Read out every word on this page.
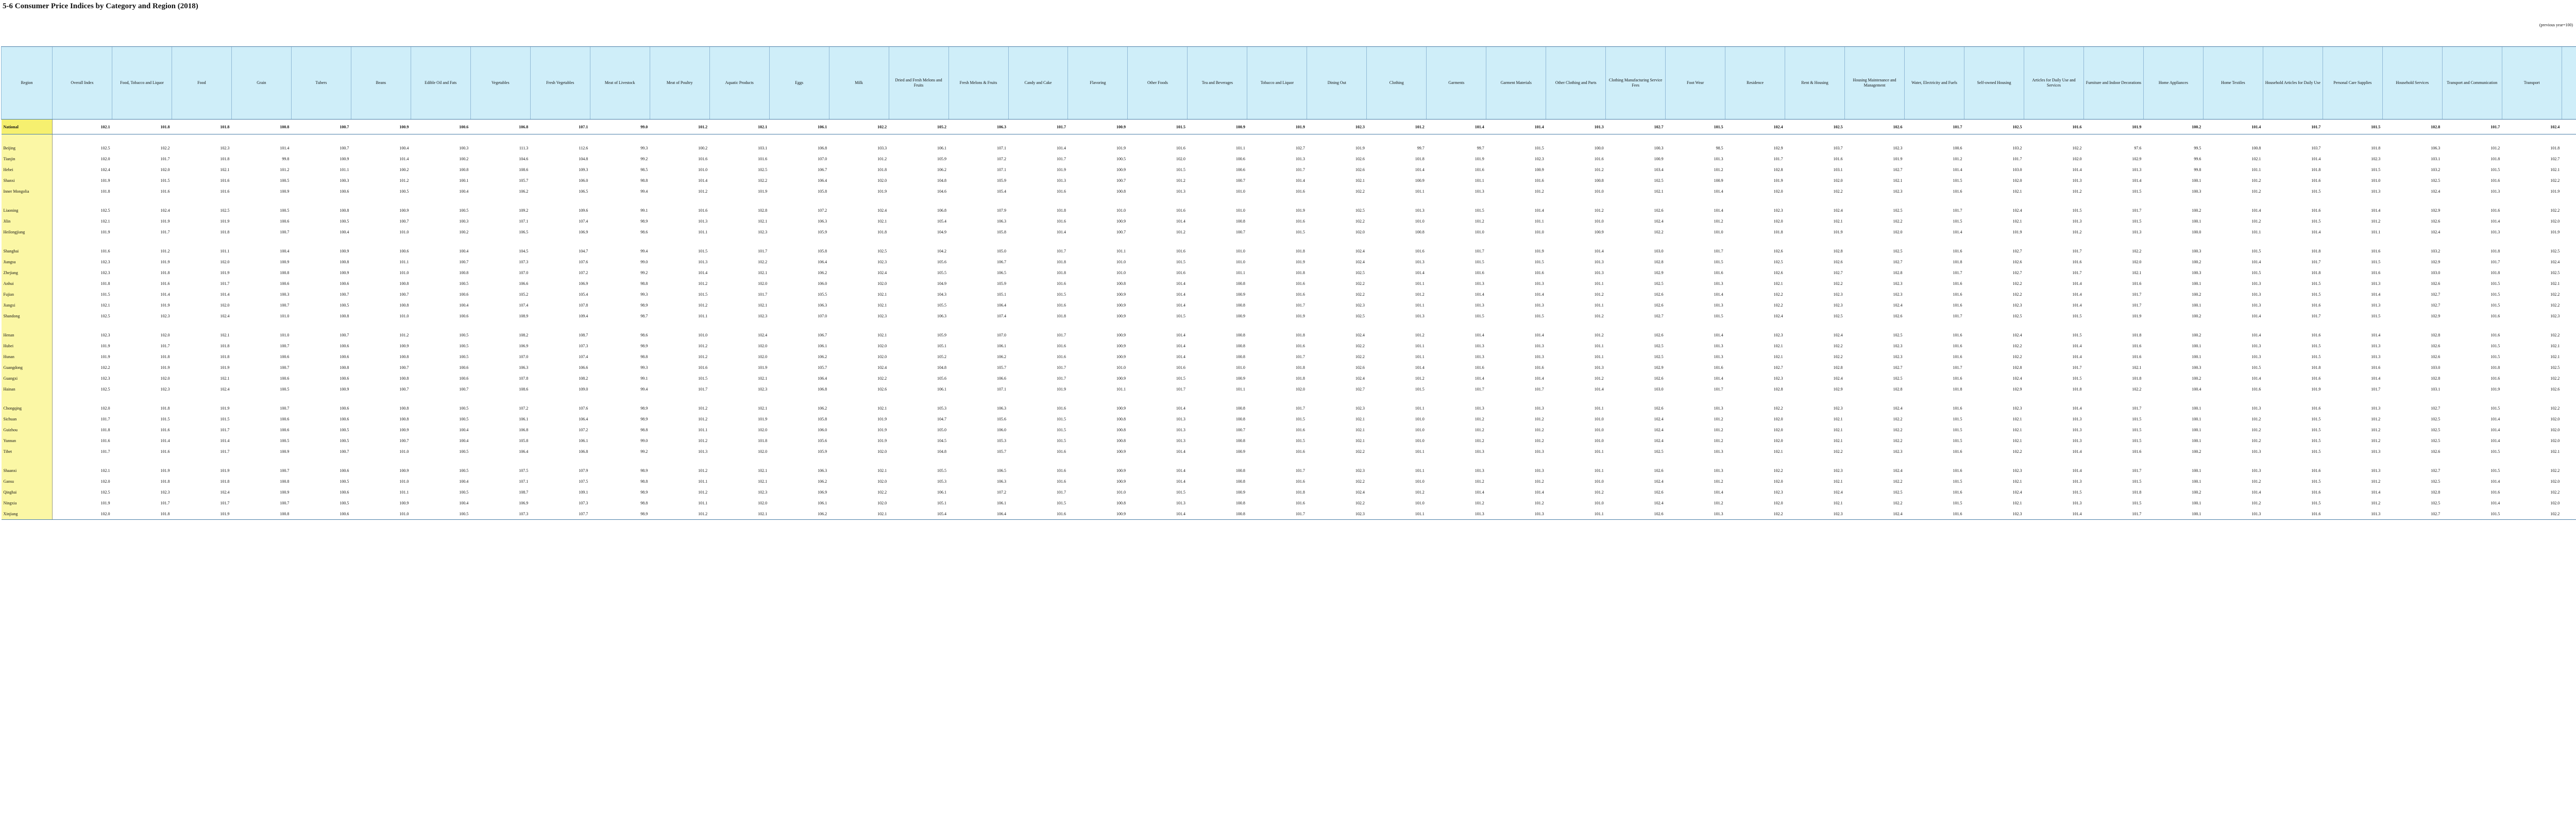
5-6 Consumer Price Indices by Category and Region (2018)
(previous year=100)
Region	Overall Index	Food, Tobacco and Liquor	Food	Grain	Tubers	Beans	Edible Oil and Fats	Vegetables	Fresh Vegetables	Meat of Livestock	Meat of Poultry	Aquatic Products	Eggs	Milk	Dried and Fresh Melons and Fruits	Fresh Melons & Fruits	Candy and Cake	Flavoring	Other Foods	Tea and Beverages	Tobacco and Liquor	Dining Out	Clothing	Garments	Garment Materials	Other Clothing and Parts	Clothing Manufacturing Service Fees	Foot Wear	Residence	Rent & Housing	Housing Maintenance and Management	Water, Electricity and Fuels	Self-owned Housing	Articles for Daily Use and Services	Furniture and Indoor Decorations	Home Appliances	Home Textiles	Household Articles for Daily Use	Personal Care Supplies	Household Services	Transport and Communication	Transport																				
National	102.1	101.8	101.8	100.8	100.7	100.9	100.6	106.8	107.1	99.0	101.2	102.1	106.1	102.2	105.2	106.3	101.7	100.9	101.5	100.9	101.9	102.3	101.2	101.4	101.4	101.3	102.7	101.5	102.4	102.5	102.6	101.7	102.5	101.6	101.9	100.2	101.4	101.7	101.5	102.8	101.7	102.4																				

Beijing	102.5	102.2	102.3	101.4	100.7	100.4	100.3	111.3	112.6	99.3	100.2	103.1	106.8	103.3	106.1	107.1	101.4	101.9	101.6	101.1	102.7	101.9	99.7	99.7	101.5	100.0	100.3	98.5	102.9	103.7	102.3	100.6	103.2	102.2	97.6	99.5	100.8	103.7	101.8	106.3	101.2	101.8																				
Tianjin	102.0	101.7	101.8	99.8	100.9	101.4	100.2	104.6	104.8	99.2	101.6	101.6	107.0	101.2	105.9	107.2	101.7	100.5	102.0	100.6	101.3	102.6	101.8	101.9	102.3	101.6	100.9	101.3	101.7	101.6	101.9	101.2	101.7	102.0	102.9	99.6	102.1	101.4	102.3	103.1	101.8	102.7																				
Hebei	102.4	102.0	102.1	101.2	101.1	100.2	100.8	108.6	109.3	98.5	101.0	102.5	106.7	101.8	106.2	107.1	101.9	100.9	101.5	100.6	101.7	102.6	101.4	101.6	100.9	101.2	103.4	101.2	102.8	103.1	102.7	101.4	103.0	101.4	101.3	99.8	101.1	101.8	101.5	103.2	101.5	102.1																				
Shanxi	101.9	101.5	101.6	100.5	100.3	101.2	100.1	105.7	106.0	98.8	101.4	102.2	106.4	102.0	104.8	105.9	101.3	100.7	101.2	100.7	101.4	102.1	100.9	101.1	101.6	100.8	102.5	100.9	101.9	102.0	102.1	101.5	102.0	101.3	101.4	100.1	101.2	101.6	101.0	102.5	101.6	102.2																				
Inner Mongolia	101.8	101.6	101.6	100.9	100.6	100.5	100.4	106.2	106.5	99.4	101.2	101.9	105.8	101.9	104.6	105.4	101.6	100.8	101.3	101.0	101.6	102.2	101.1	101.3	101.2	101.0	102.1	101.4	102.0	102.2	102.3	101.6	102.1	101.2	101.5	100.3	101.2	101.5	101.3	102.4	101.3	101.9																				

Liaoning	102.5	102.4	102.5	100.5	100.8	100.9	100.5	109.2	109.6	99.1	101.6	102.8	107.2	102.4	106.8	107.9	101.8	101.0	101.6	101.0	101.9	102.5	101.3	101.5	101.4	101.2	102.6	101.4	102.3	102.4	102.5	101.7	102.4	101.5	101.7	100.2	101.4	101.6	101.4	102.9	101.6	102.2																				
Jilin	102.1	101.9	101.9	100.6	100.5	100.7	100.3	107.1	107.4	98.9	101.3	102.1	106.3	102.1	105.4	106.3	101.6	100.9	101.4	100.8	101.6	102.2	101.0	101.2	101.1	101.0	102.4	101.2	102.0	102.1	102.2	101.5	102.1	101.3	101.5	100.1	101.2	101.5	101.2	102.6	101.4	102.0																				
Heilongjiang	101.9	101.7	101.8	100.7	100.4	101.0	100.2	106.5	106.9	98.6	101.1	102.3	105.9	101.8	104.9	105.8	101.4	100.7	101.2	100.7	101.5	102.0	100.8	101.0	101.0	100.9	102.2	101.0	101.8	101.9	102.0	101.4	101.9	101.2	101.3	100.0	101.1	101.4	101.1	102.4	101.3	101.9																				

Shanghai	101.6	101.2	101.1	100.4	100.9	100.6	100.4	104.5	104.7	99.4	101.5	101.7	105.8	102.5	104.2	105.0	101.7	101.1	101.6	101.0	101.8	102.4	101.6	101.7	101.9	101.4	103.0	101.7	102.6	102.8	102.5	101.6	102.7	101.7	102.2	100.3	101.5	101.8	101.6	103.2	101.8	102.5																				
Jiangsu	102.3	101.9	102.0	100.9	100.8	101.1	100.7	107.3	107.6	99.0	101.3	102.2	106.4	102.3	105.6	106.7	101.8	101.0	101.5	101.0	101.9	102.4	101.3	101.5	101.5	101.3	102.8	101.5	102.5	102.6	102.7	101.8	102.6	101.6	102.0	100.2	101.4	101.7	101.5	102.9	101.7	102.4																				
Zhejiang	102.3	101.8	101.9	100.8	100.9	101.0	100.8	107.0	107.2	99.2	101.4	102.1	106.2	102.4	105.5	106.5	101.8	101.0	101.6	101.1	101.8	102.5	101.4	101.6	101.6	101.3	102.9	101.6	102.6	102.7	102.8	101.7	102.7	101.7	102.1	100.3	101.5	101.8	101.6	103.0	101.8	102.5																				
Anhui	101.8	101.6	101.7	100.6	100.6	100.8	100.5	106.6	106.9	98.8	101.2	102.0	106.0	102.0	104.9	105.9	101.6	100.8	101.4	100.8	101.6	102.2	101.1	101.3	101.3	101.1	102.5	101.3	102.1	102.2	102.3	101.6	102.2	101.4	101.6	100.1	101.3	101.5	101.3	102.6	101.5	102.1																				
Fujian	101.5	101.4	101.4	100.3	100.7	100.7	100.6	105.2	105.4	99.3	101.5	101.7	105.5	102.1	104.3	105.1	101.5	100.9	101.4	100.9	101.6	102.2	101.2	101.4	101.4	101.2	102.6	101.4	102.2	102.3	102.3	101.6	102.2	101.4	101.7	100.2	101.3	101.5	101.4	102.7	101.5	102.2																				
Jiangxi	102.1	101.9	102.0	100.7	100.5	100.8	100.4	107.4	107.8	98.9	101.2	102.1	106.3	102.1	105.5	106.4	101.6	100.9	101.4	100.8	101.7	102.3	101.1	101.3	101.3	101.1	102.6	101.3	102.2	102.3	102.4	101.6	102.3	101.4	101.7	100.1	101.3	101.6	101.3	102.7	101.5	102.2																				
Shandong	102.5	102.3	102.4	101.0	100.8	101.0	100.6	108.9	109.4	98.7	101.1	102.3	107.0	102.3	106.3	107.4	101.8	100.9	101.5	100.9	101.9	102.5	101.3	101.5	101.5	101.2	102.7	101.5	102.4	102.5	102.6	101.7	102.5	101.5	101.9	100.2	101.4	101.7	101.5	102.9	101.6	102.3																				

Henan	102.3	102.0	102.1	101.0	100.7	101.2	100.5	108.2	108.7	98.6	101.0	102.4	106.7	102.1	105.9	107.0	101.7	100.9	101.4	100.8	101.8	102.4	101.2	101.4	101.4	101.2	102.6	101.4	102.3	102.4	102.5	101.6	102.4	101.5	101.8	100.2	101.4	101.6	101.4	102.8	101.6	102.2																				
Hubei	101.9	101.7	101.8	100.7	100.6	100.9	100.5	106.9	107.3	98.9	101.2	102.0	106.1	102.0	105.1	106.1	101.6	100.9	101.4	100.8	101.6	102.2	101.1	101.3	101.3	101.1	102.5	101.3	102.1	102.2	102.3	101.6	102.2	101.4	101.6	100.1	101.3	101.5	101.3	102.6	101.5	102.1																				
Hunan	101.9	101.8	101.8	100.6	100.6	100.8	100.5	107.0	107.4	98.8	101.2	102.0	106.2	102.0	105.2	106.2	101.6	100.9	101.4	100.8	101.7	102.2	101.1	101.3	101.3	101.1	102.5	101.3	102.1	102.2	102.3	101.6	102.2	101.4	101.6	100.1	101.3	101.5	101.3	102.6	101.5	102.1																				
Guangdong	102.2	101.9	101.9	100.7	100.8	100.7	100.6	106.3	106.6	99.3	101.6	101.9	105.7	102.4	104.8	105.7	101.7	101.0	101.6	101.0	101.8	102.6	101.4	101.6	101.6	101.3	102.9	101.6	102.7	102.8	102.7	101.7	102.8	101.7	102.1	100.3	101.5	101.8	101.6	103.0	101.8	102.5																				
Guangxi	102.3	102.0	102.1	100.6	100.6	100.8	100.6	107.8	108.2	99.1	101.5	102.1	106.4	102.2	105.6	106.6	101.7	100.9	101.5	100.9	101.8	102.4	101.2	101.4	101.4	101.2	102.6	101.4	102.3	102.4	102.5	101.6	102.4	101.5	101.8	100.2	101.4	101.6	101.4	102.8	101.6	102.2																				
Hainan	102.5	102.3	102.4	100.5	100.9	100.7	100.7	108.6	109.0	99.4	101.7	102.3	106.8	102.6	106.1	107.1	101.9	101.1	101.7	101.1	102.0	102.7	101.5	101.7	101.7	101.4	103.0	101.7	102.8	102.9	102.8	101.8	102.9	101.8	102.2	100.4	101.6	101.9	101.7	103.1	101.9	102.6																				

Chongqing	102.0	101.8	101.9	100.7	100.6	100.8	100.5	107.2	107.6	98.9	101.2	102.1	106.2	102.1	105.3	106.3	101.6	100.9	101.4	100.8	101.7	102.3	101.1	101.3	101.3	101.1	102.6	101.3	102.2	102.3	102.4	101.6	102.3	101.4	101.7	100.1	101.3	101.6	101.3	102.7	101.5	102.2																				
Sichuan	101.7	101.5	101.5	100.6	100.6	100.8	100.5	106.1	106.4	98.9	101.2	101.9	105.8	101.9	104.7	105.6	101.5	100.8	101.3	100.8	101.5	102.1	101.0	101.2	101.2	101.0	102.4	101.2	102.0	102.1	102.2	101.5	102.1	101.3	101.5	100.1	101.2	101.5	101.2	102.5	101.4	102.0																				
Guizhou	101.8	101.6	101.7	100.6	100.5	100.9	100.4	106.8	107.2	98.8	101.1	102.0	106.0	101.9	105.0	106.0	101.5	100.8	101.3	100.7	101.6	102.1	101.0	101.2	101.2	101.0	102.4	101.2	102.0	102.1	102.2	101.5	102.1	101.3	101.5	100.1	101.2	101.5	101.2	102.5	101.4	102.0																				
Yunnan	101.6	101.4	101.4	100.5	100.5	100.7	100.4	105.8	106.1	99.0	101.2	101.8	105.6	101.9	104.5	105.3	101.5	100.8	101.3	100.8	101.5	102.1	101.0	101.2	101.2	101.0	102.4	101.2	102.0	102.1	102.2	101.5	102.1	101.3	101.5	100.1	101.2	101.5	101.2	102.5	101.4	102.0																				
Tibet	101.7	101.6	101.7	100.9	100.7	101.0	100.5	106.4	106.8	99.2	101.3	102.0	105.9	102.0	104.8	105.7	101.6	100.9	101.4	100.9	101.6	102.2	101.1	101.3	101.3	101.1	102.5	101.3	102.1	102.2	102.3	101.6	102.2	101.4	101.6	100.2	101.3	101.5	101.3	102.6	101.5	102.1																				

Shaanxi	102.1	101.9	101.9	100.7	100.6	100.9	100.5	107.5	107.9	98.9	101.2	102.1	106.3	102.1	105.5	106.5	101.6	100.9	101.4	100.8	101.7	102.3	101.1	101.3	101.3	101.1	102.6	101.3	102.2	102.3	102.4	101.6	102.3	101.4	101.7	100.1	101.3	101.6	101.3	102.7	101.5	102.2																				
Gansu	102.0	101.8	101.8	100.8	100.5	101.0	100.4	107.1	107.5	98.8	101.1	102.1	106.2	102.0	105.3	106.3	101.6	100.9	101.4	100.8	101.6	102.2	101.0	101.2	101.2	101.0	102.4	101.2	102.0	102.1	102.2	101.5	102.1	101.3	101.5	100.1	101.2	101.5	101.2	102.5	101.4	102.0																				
Qinghai	102.5	102.3	102.4	100.9	100.6	101.1	100.5	108.7	109.1	98.9	101.2	102.3	106.9	102.2	106.1	107.2	101.7	101.0	101.5	100.9	101.8	102.4	101.2	101.4	101.4	101.2	102.6	101.4	102.3	102.4	102.5	101.6	102.4	101.5	101.8	100.2	101.4	101.6	101.4	102.8	101.6	102.2																				
Ningxia	101.9	101.7	101.7	100.7	100.5	100.9	100.4	106.9	107.3	98.8	101.1	102.0	106.1	102.0	105.1	106.1	101.5	100.8	101.3	100.8	101.6	102.2	101.0	101.2	101.2	101.0	102.4	101.2	102.0	102.1	102.2	101.5	102.1	101.3	101.5	100.1	101.2	101.5	101.2	102.5	101.4	102.0																				
Xinjiang	102.0	101.8	101.9	100.8	100.6	101.0	100.5	107.3	107.7	98.9	101.2	102.1	106.2	102.1	105.4	106.4	101.6	100.9	101.4	100.8	101.7	102.3	101.1	101.3	101.3	101.1	102.6	101.3	102.2	102.3	102.4	101.6	102.3	101.4	101.7	100.1	101.3	101.6	101.3	102.7	101.5	102.2																				
